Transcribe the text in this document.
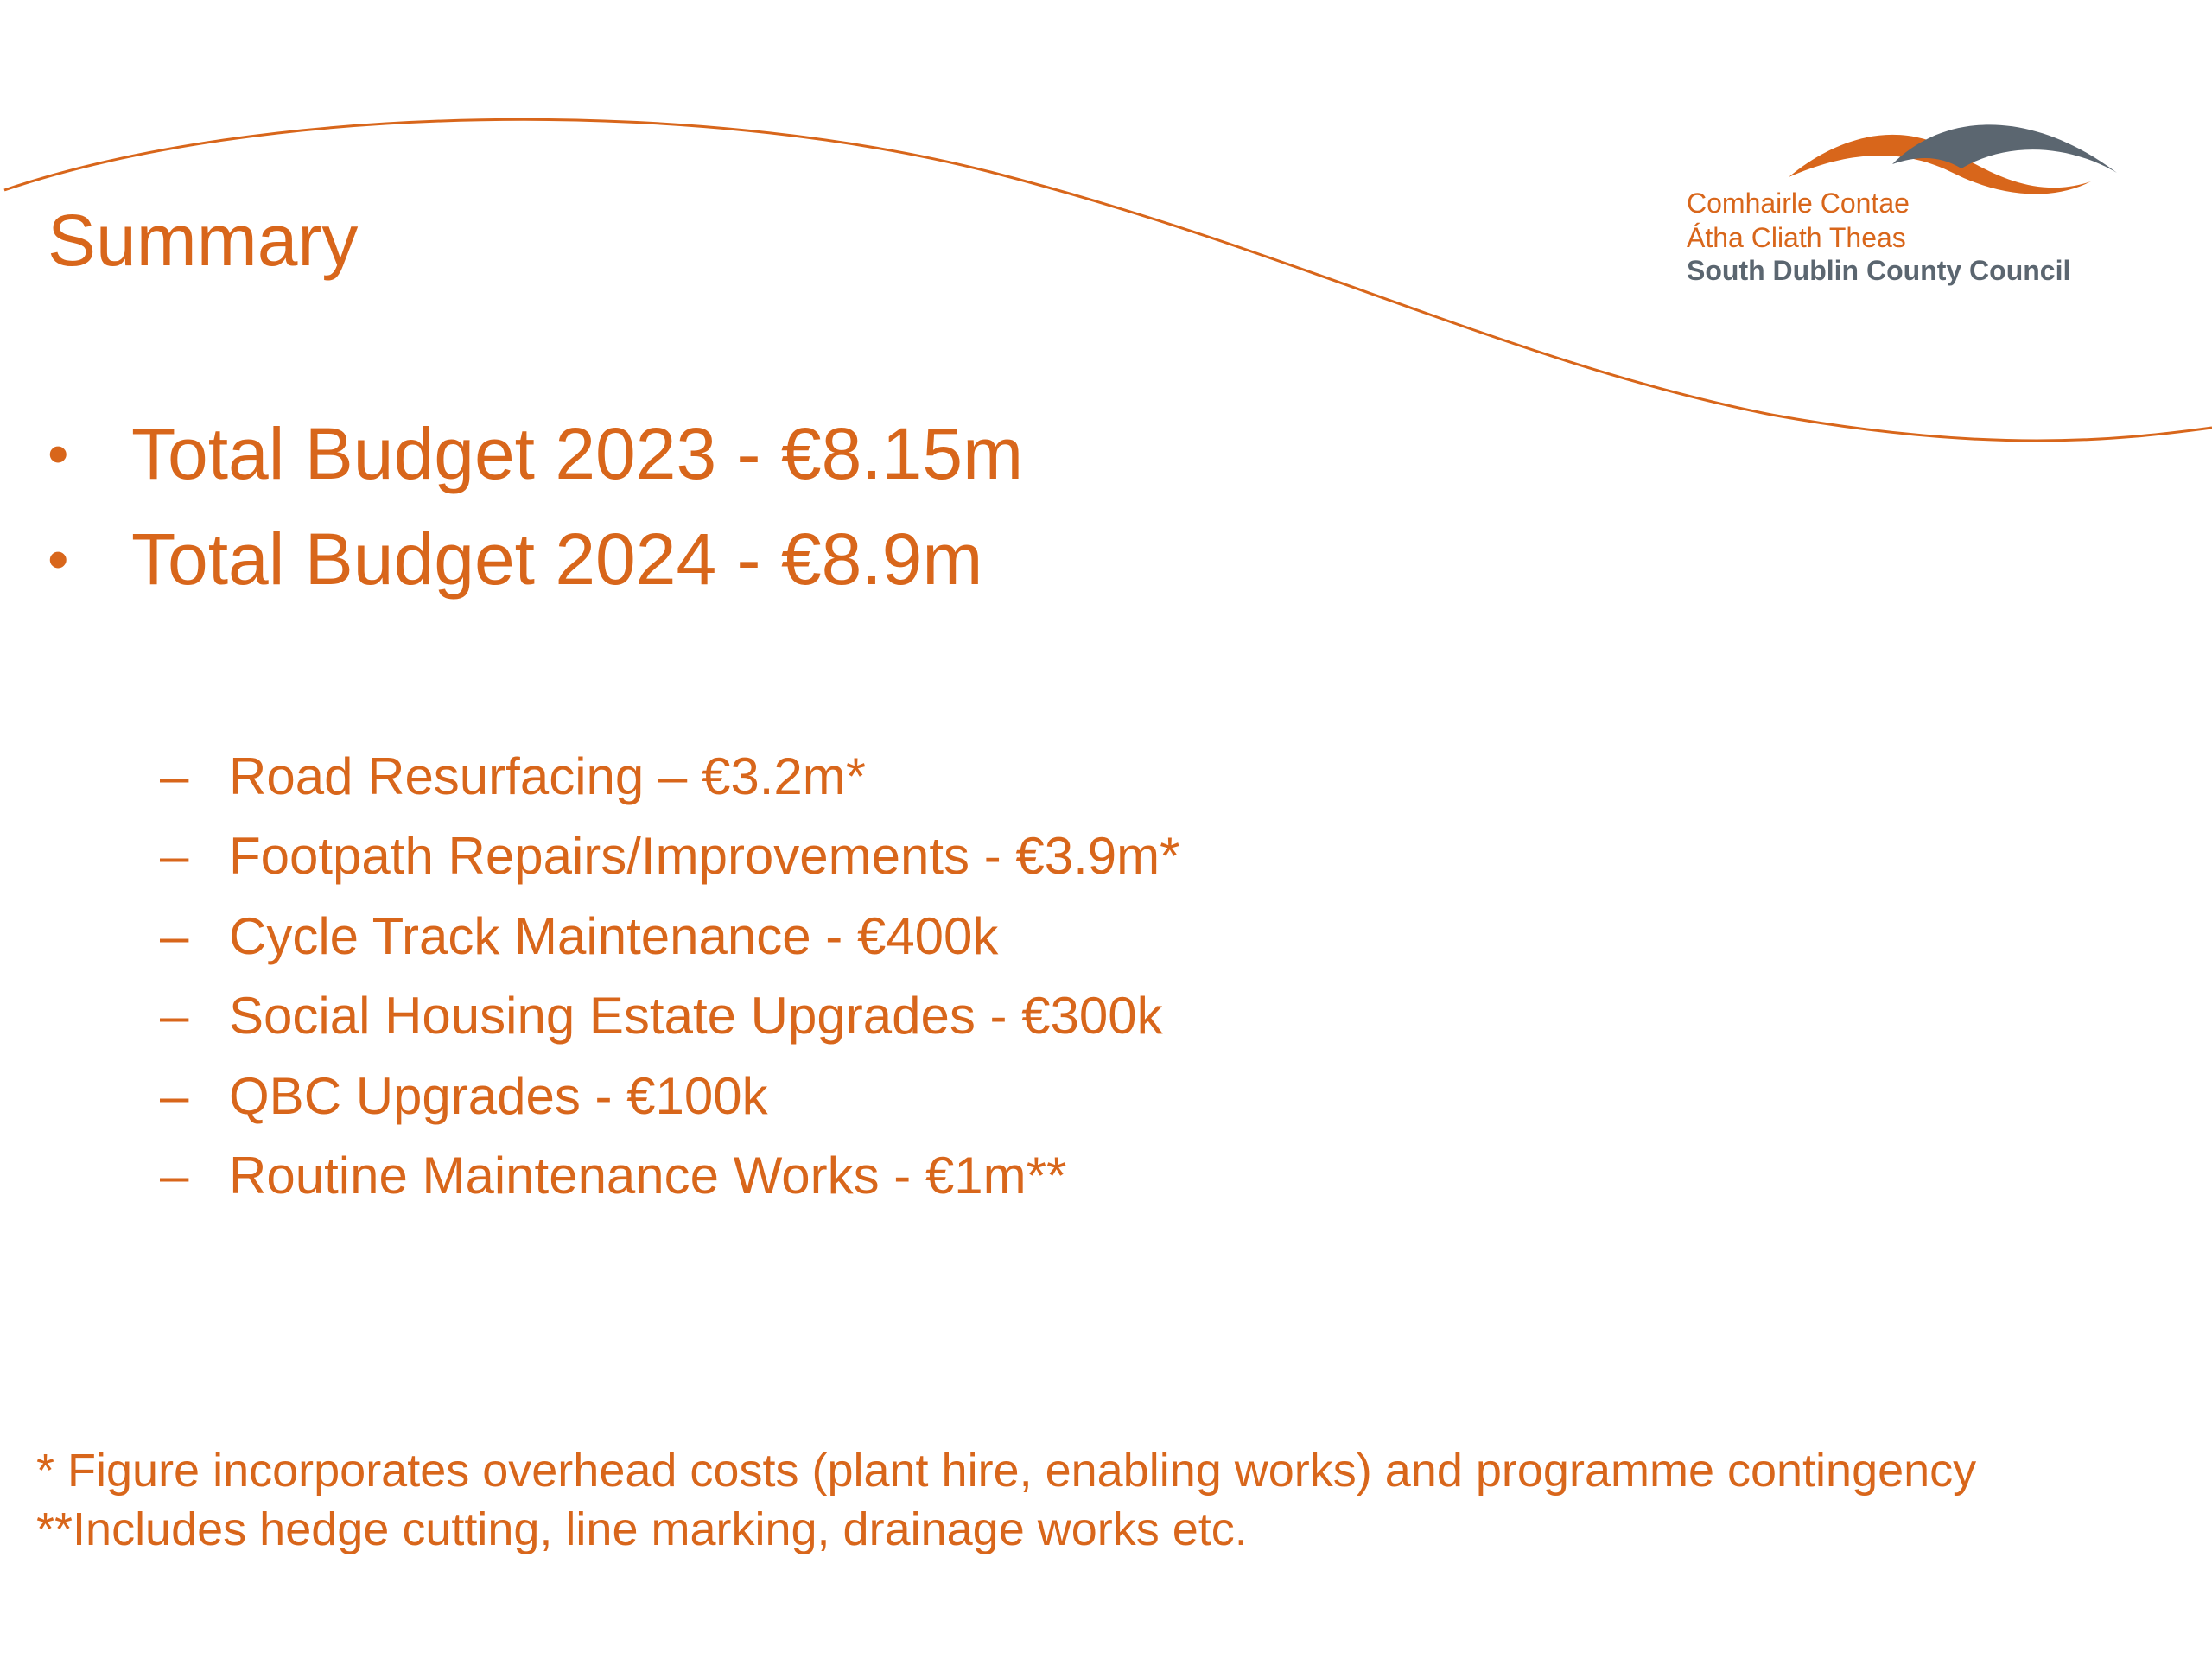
Summary	Comhairle Contae
Átha Cliath Theas
South Dublin County Council
• Total Budget 2023 - €8.15m
• Total Budget 2024 - €8.9m
– Road Resurfacing – €3.2m*
– Footpath Repairs/Improvements - €3.9m*
– Cycle Track Maintenance - €400k
– Social Housing Estate Upgrades - €300k
– QBC Upgrades - €100k
– Routine Maintenance Works - €1m**
* Figure incorporates overhead costs (plant hire, enabling works) and programme contingency
**Includes hedge cutting, line marking, drainage works etc.
